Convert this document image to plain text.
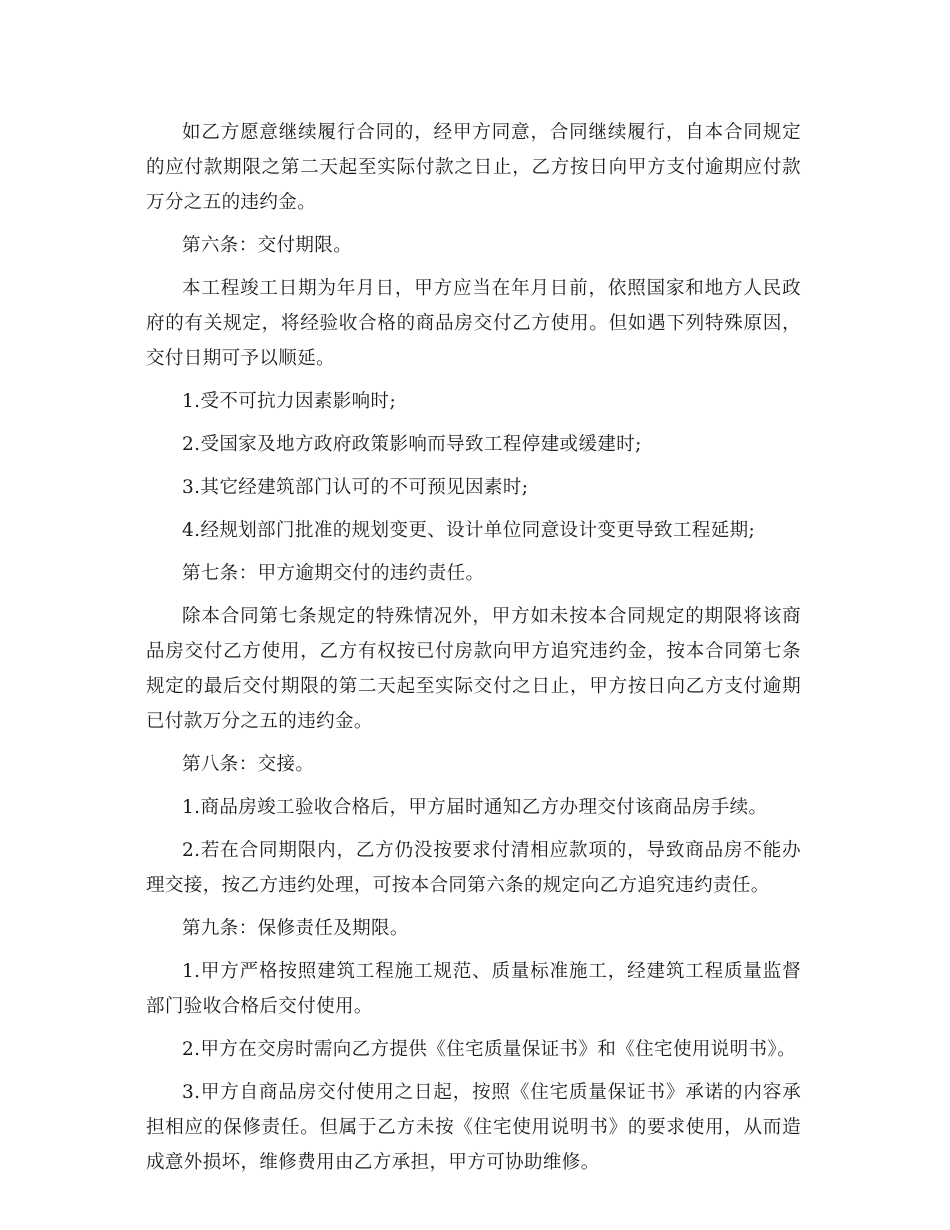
如乙方愿意继续履行合同的，经甲方同意，合同继续履行，自本合同规定的应付款期限之第二天起至实际付款之日止，乙方按日向甲方支付逾期应付款万分之五的违约金。

第六条：交付期限。

本工程竣工日期为年月日，甲方应当在年月日前，依照国家和地方人民政府的有关规定，将经验收合格的商品房交付乙方使用。但如遇下列特殊原因，交付日期可予以顺延。

1.受不可抗力因素影响时;

2.受国家及地方政府政策影响而导致工程停建或缓建时;

3.其它经建筑部门认可的不可预见因素时;

4.经规划部门批准的规划变更、设计单位同意设计变更导致工程延期;

第七条：甲方逾期交付的违约责任。

除本合同第七条规定的特殊情况外，甲方如未按本合同规定的期限将该商品房交付乙方使用，乙方有权按已付房款向甲方追究违约金，按本合同第七条规定的最后交付期限的第二天起至实际交付之日止，甲方按日向乙方支付逾期已付款万分之五的违约金。

第八条：交接。

1.商品房竣工验收合格后，甲方届时通知乙方办理交付该商品房手续。

2.若在合同期限内，乙方仍没按要求付清相应款项的，导致商品房不能办理交接，按乙方违约处理，可按本合同第六条的规定向乙方追究违约责任。

第九条：保修责任及期限。

1.甲方严格按照建筑工程施工规范、质量标准施工，经建筑工程质量监督部门验收合格后交付使用。

2.甲方在交房时需向乙方提供《住宅质量保证书》和《住宅使用说明书》。

3.甲方自商品房交付使用之日起，按照《住宅质量保证书》承诺的内容承担相应的保修责任。但属于乙方未按《住宅使用说明书》的要求使用，从而造成意外损坏，维修费用由乙方承担，甲方可协助维修。
